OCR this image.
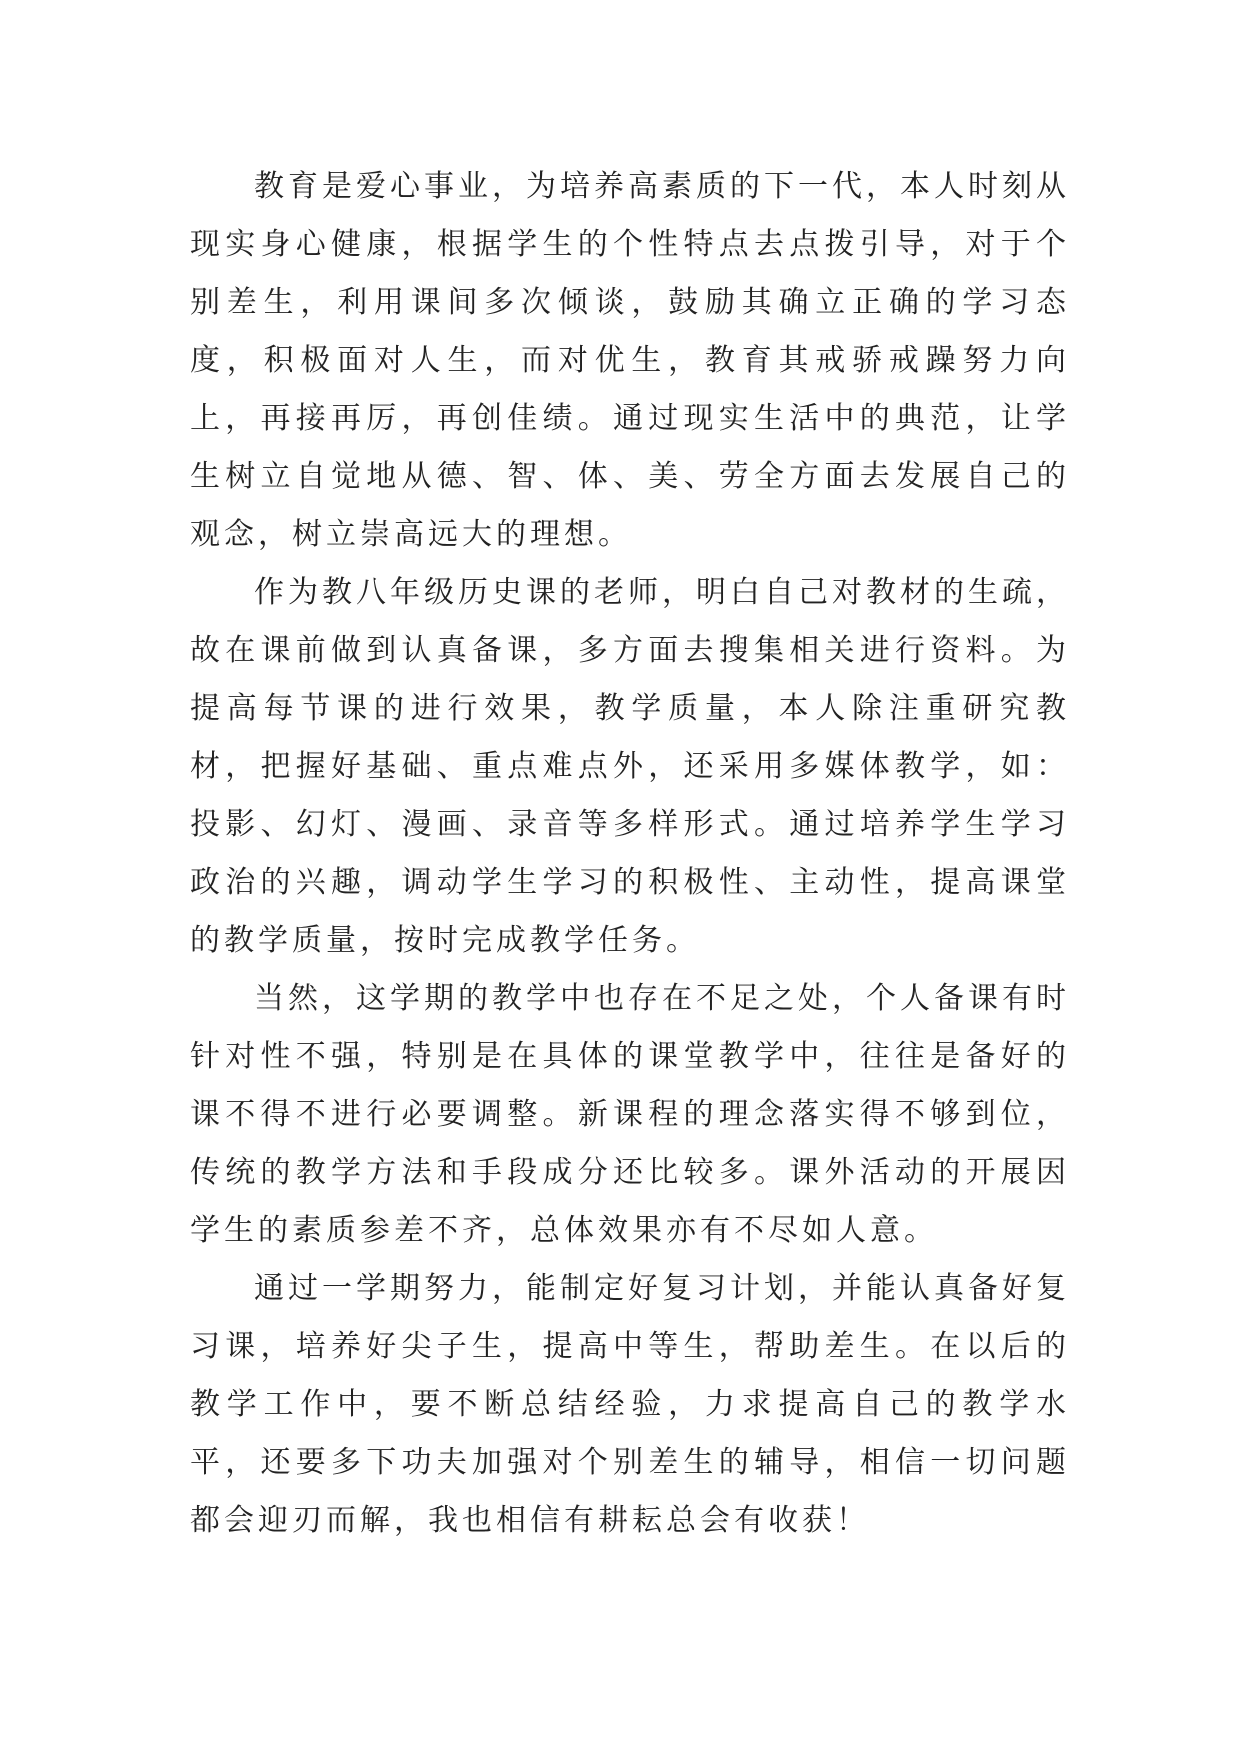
教育是爱心事业，为培养高素质的下一代，本人时刻从现实身心健康，根据学生的个性特点去点拨引导，对于个别差生，利用课间多次倾谈，鼓励其确立正确的学习态度，积极面对人生，而对优生，教育其戒骄戒躁努力向上，再接再厉，再创佳绩。通过现实生活中的典范，让学生树立自觉地从德、智、体、美、劳全方面去发展自己的观念，树立崇高远大的理想。

作为教八年级历史课的老师，明白自己对教材的生疏，故在课前做到认真备课，多方面去搜集相关进行资料。为提高每节课的进行效果，教学质量，本人除注重研究教材，把握好基础、重点难点外，还采用多媒体教学，如：投影、幻灯、漫画、录音等多样形式。通过培养学生学习政治的兴趣，调动学生学习的积极性、主动性，提高课堂的教学质量，按时完成教学任务。

当然，这学期的教学中也存在不足之处，个人备课有时针对性不强，特别是在具体的课堂教学中，往往是备好的课不得不进行必要调整。新课程的理念落实得不够到位，传统的教学方法和手段成分还比较多。课外活动的开展因学生的素质参差不齐，总体效果亦有不尽如人意。

通过一学期努力，能制定好复习计划，并能认真备好复习课，培养好尖子生，提高中等生，帮助差生。在以后的教学工作中，要不断总结经验，力求提高自己的教学水平，还要多下功夫加强对个别差生的辅导，相信一切问题都会迎刃而解，我也相信有耕耘总会有收获！
